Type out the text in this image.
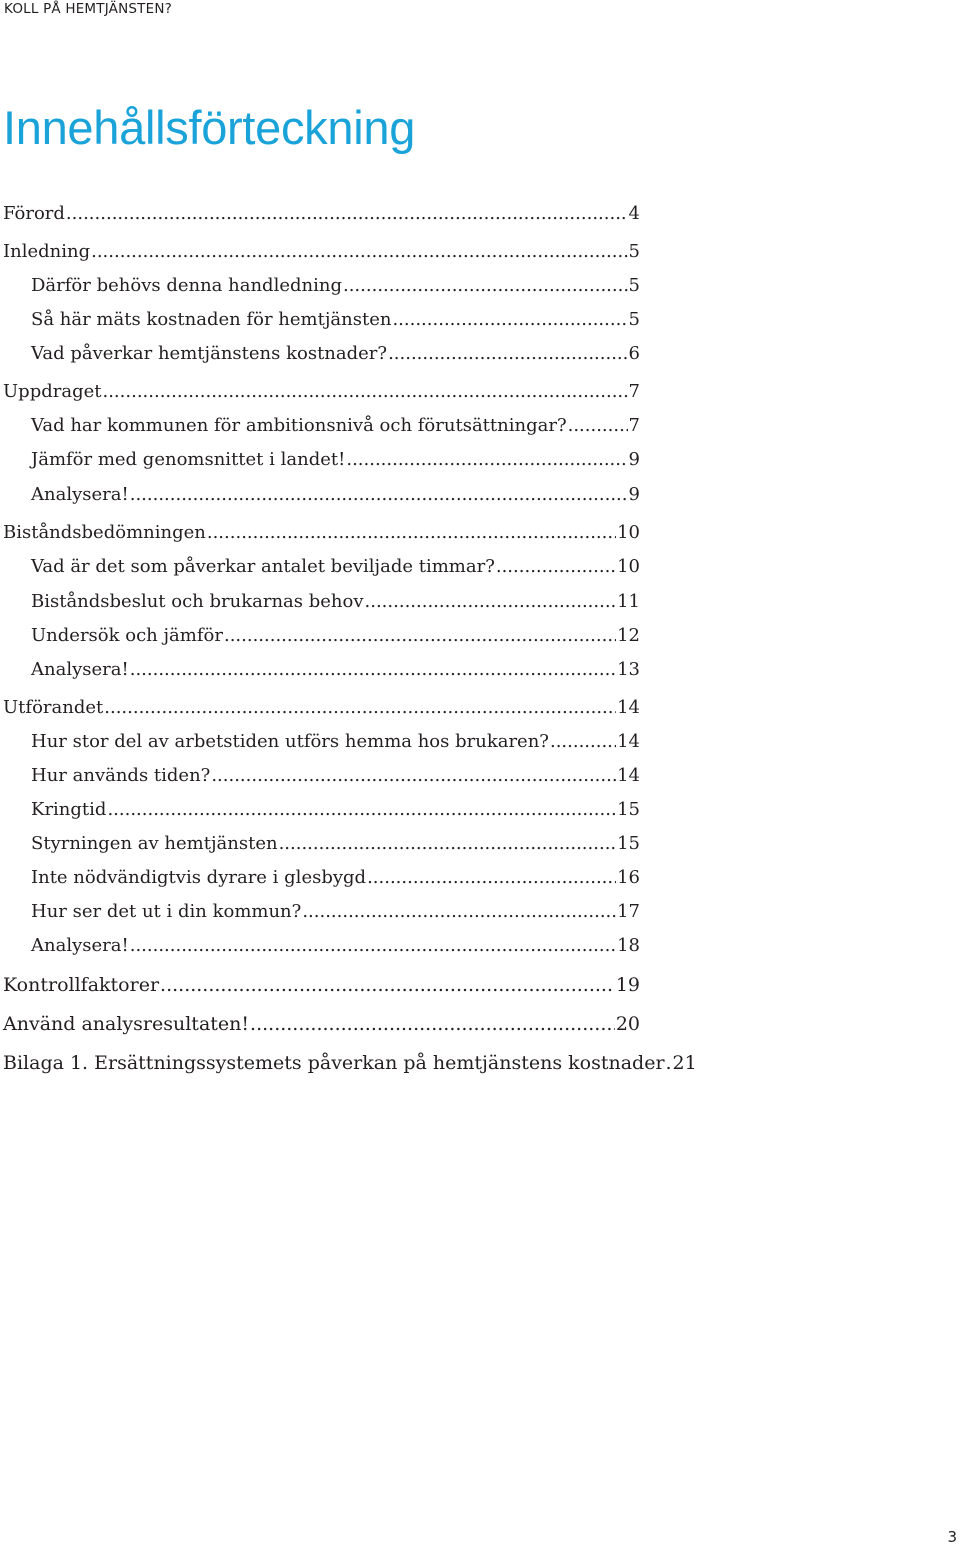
KOLL PÅ HEMTJÄNSTEN?
Innehållsförteckning
Förord .....	4
Inledning .....	5
Därför behövs denna handledning .....	5
Så här mäts kostnaden för hemtjänsten .....	5
Vad påverkar hemtjänstens kostnader? .....	6
Uppdraget .....	7
Vad har kommunen för ambitionsnivå och förutsättningar? .....	7
Jämför med genomsnittet i landet! .....	9
Analysera! .....	9
Biståndsbedömningen .....	10
Vad är det som påverkar antalet beviljade timmar? .....	10
Biståndsbeslut och brukarnas behov .....	11
Undersök och jämför .....	12
Analysera! .....	13
Utförandet .....	14
Hur stor del av arbetstiden utförs hemma hos brukaren? .....	14
Hur används tiden? .....	14
Kringtid .....	15
Styrningen av hemtjänsten .....	15
Inte nödvändigtvis dyrare i glesbygd .....	16
Hur ser det ut i din kommun? .....	17
Analysera! .....	18
Kontrollfaktorer .....	19
Använd analysresultaten! .....	20
Bilaga 1. Ersättningssystemets påverkan på hemtjänstens kostnader ..... 21
3
